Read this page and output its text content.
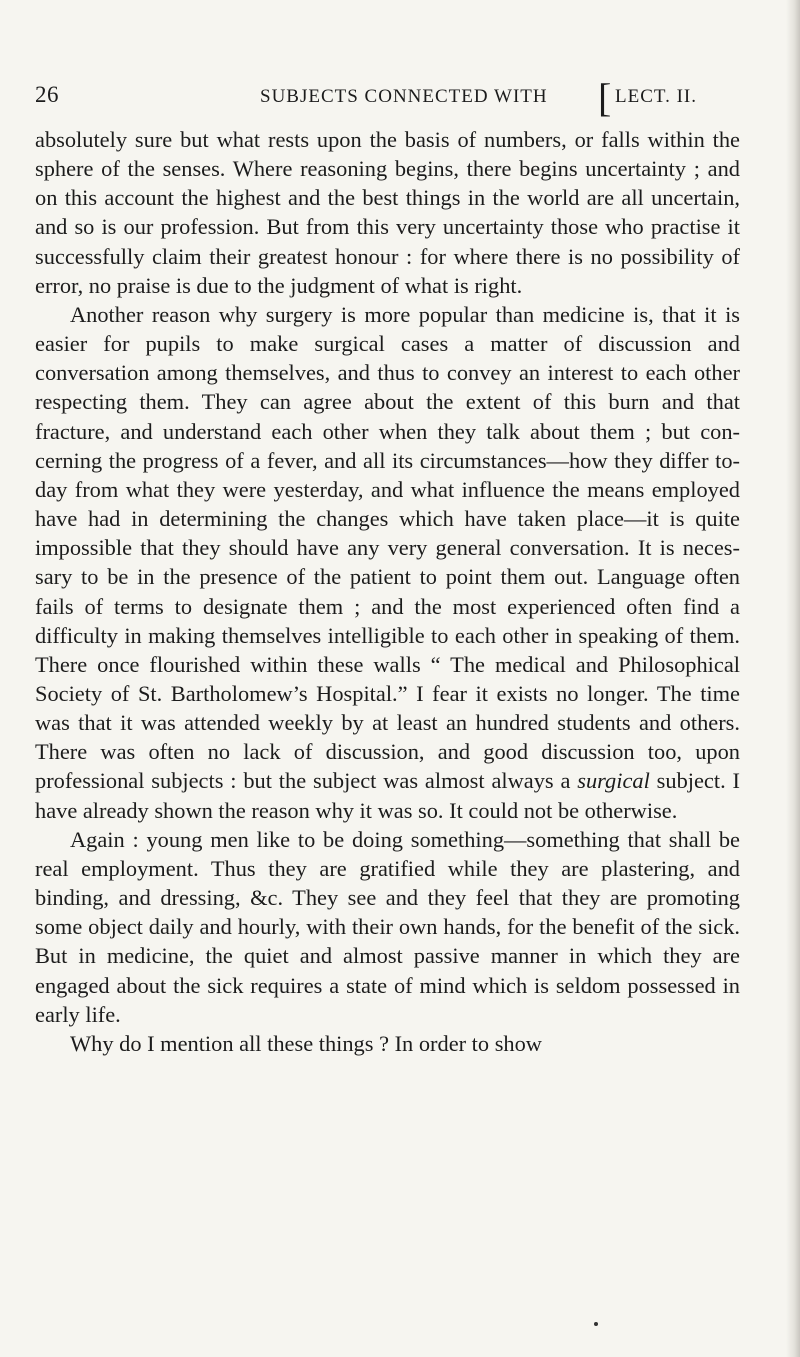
26	SUBJECTS CONNECTED WITH [ LECT. II.

absolutely sure but what rests upon the basis of numbers, or falls within the sphere of the senses. Where reasoning begins, there begins uncertainty ; and on this account the highest and the best things in the world are all uncertain, and so is our profession. But from this very uncertainty those who practise it successfully claim their greatest honour : for where there is no possibility of error, no praise is due to the judgment of what is right.

Another reason why surgery is more popular than medicine is, that it is easier for pupils to make surgical cases a matter of discussion and conversation among themselves, and thus to convey an interest to each other respecting them. They can agree about the extent of this burn and that fracture, and understand each other when they talk about them ; but concerning the progress of a fever, and all its circumstances—how they differ to-day from what they were yesterday, and what influence the means employed have had in determining the changes which have taken place—it is quite impossible that they should have any very general conversation. It is necessary to be in the presence of the patient to point them out. Language often fails of terms to designate them ; and the most experienced often find a difficulty in making themselves intelligible to each other in speaking of them. There once flourished within these walls “ The medical and Philosophical Society of St. Bartholomew’s Hospital.” I fear it exists no longer. The time was that it was attended weekly by at least an hundred students and others. There was often no lack of discussion, and good discussion too, upon professional subjects : but the subject was almost always a surgical subject. I have already shown the reason why it was so. It could not be otherwise.

Again : young men like to be doing something—something that shall be real employment. Thus they are gratified while they are plastering, and binding, and dressing, &c. They see and they feel that they are promoting some object daily and hourly, with their own hands, for the benefit of the sick. But in medicine, the quiet and almost passive manner in which they are engaged about the sick requires a state of mind which is seldom possessed in early life.

Why do I mention all these things ? In order to show
